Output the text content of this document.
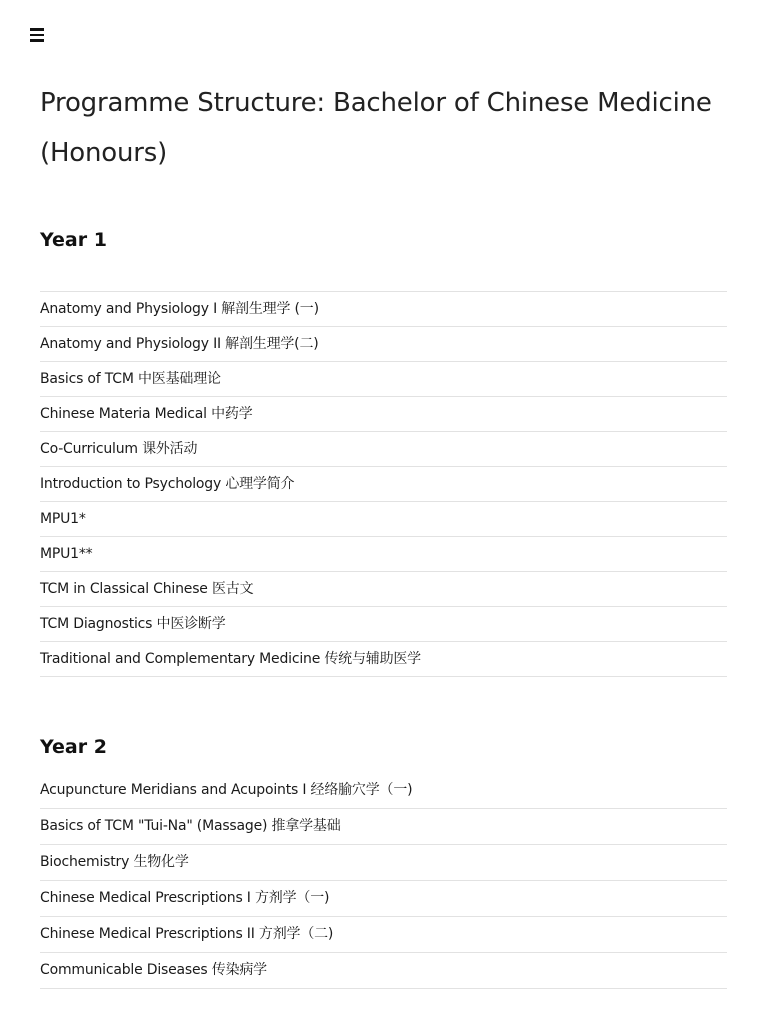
Programme Structure: Bachelor of Chinese Medicine (Honours)
Year 1
Anatomy and Physiology I 解剖生理学 (一)
Anatomy and Physiology II 解剖生理学(二)
Basics of TCM 中医基础理论
Chinese Materia Medical 中药学
Co-Curriculum 课外活动
Introduction to Psychology 心理学简介
MPU1*
MPU1**
TCM in Classical Chinese 医古文
TCM Diagnostics 中医诊断学
Traditional and Complementary Medicine 传统与辅助医学
Year 2
Acupuncture Meridians and Acupoints I 经络腧穴学（一)
Basics of TCM "Tui-Na" (Massage) 推拿学基础
Biochemistry 生物化学
Chinese Medical Prescriptions I 方剂学（一)
Chinese Medical Prescriptions II 方剂学（二)
Communicable Diseases 传染病学
